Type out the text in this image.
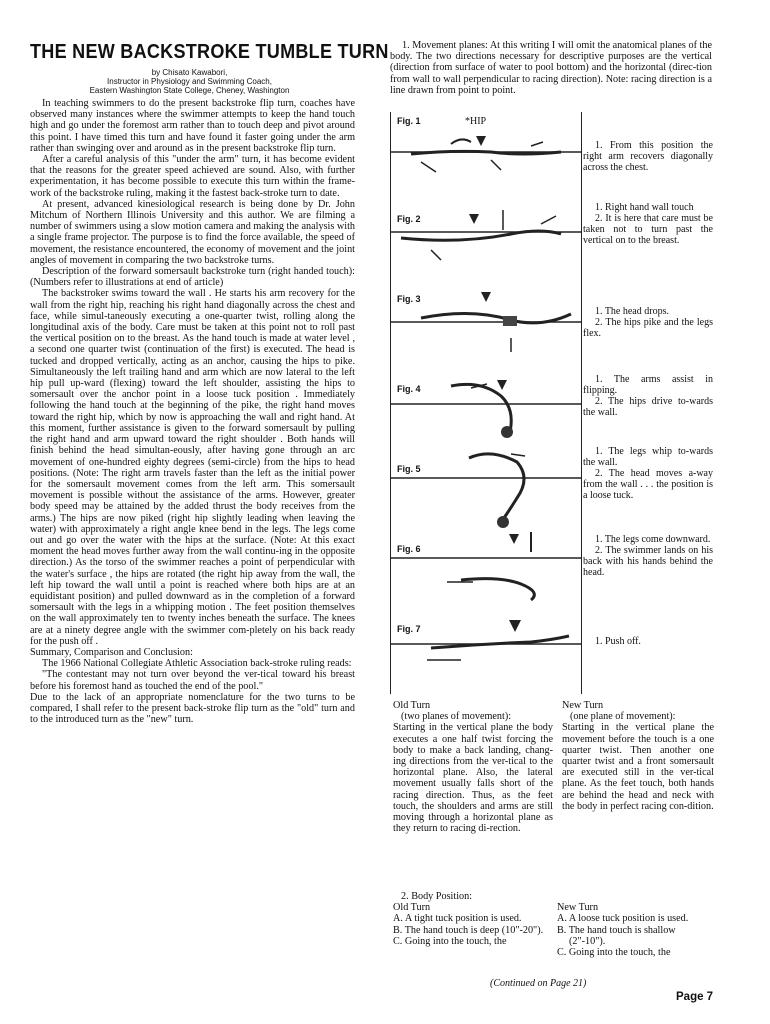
THE NEW BACKSTROKE TUMBLE TURN
by Chisato Kawabori,
Instructor in Physiology and Swimming Coach,
Eastern Washington State College, Cheney, Washington

In teaching swimmers to do the present backstroke flip turn, coaches have observed many instances where the swimmer attempts to keep the hand touch high and go under the foremost arm rather than to touch deep and pivot around this point. I have timed this turn and have found it faster going under the arm rather than swinging over and around as in the present backstroke flip turn.

After a careful analysis of this "under the arm" turn, it has become evident that the reasons for the greater speed achieved are sound. Also, with further experimentation, it has become possible to execute this turn within the frame-work of the backstroke ruling, making it the fastest back-stroke turn to date.

At present, advanced kinesiological research is being done by Dr. John Mitchum of Northern Illinois University and this author. We are filming a number of swimmers using a slow motion camera and making the analysis with a single frame projector. The purpose is to find the force available, the speed of movement, the resistance encountered, the economy of movement and the joint angles of movement in comparing the two backstroke turns.

Description of the forward somersault backstroke turn (right handed touch): (Numbers refer to illustrations at end of article)

The backstroker swims toward the wall . He starts his arm recovery for the wall from the right hip, reaching his right hand diagonally across the chest and face, while simul-taneously executing a one-quarter twist, rolling along the longitudinal axis of the body. Care must be taken at this point not to roll past the vertical position on to the breast. As the hand touch is made at water level , a second one quarter twist (continuation of the first) is executed. The head is tucked and dropped vertically, acting as an anchor, causing the hips to pike. Simultaneously the left trailing hand and arm which are now lateral to the left hip pull up-ward (flexing) toward the left shoulder, assisting the hips to somersault over the anchor point in a loose tuck position . Immediately following the hand touch at the beginning of the pike, the right hand moves toward the right hip, which by now is approaching the wall and right hand. At this moment, further assistance is given to the forward somersault by pulling the right hand and arm upward toward the right shoulder . Both hands will finish behind the head simultan-eously, after having gone through an arc movement of one-hundred eighty degrees (semi-circle) from the hips to head positions. (Note: The right arm travels faster than the left as the initial power for the somersault movement comes from the left arm. This somersault movement is possible without the assistance of the arms. However, greater body speed may be attained by the added thrust the body receives from the arms.) The hips are now piked (right hip slightly leading when leaving the water) with approximately a right angle knee bend in the legs. The legs come out and go over the water with the hips at the surface. (Note: At this exact moment the head moves further away from the wall continu-ing in the opposite direction.) As the torso of the swimmer reaches a point of perpendicular with the water's surface , the hips are rotated (the right hip away from the wall, the left hip toward the wall until a point is reached where both hips are at an equidistant position) and pulled downward as in the completion of a forward somersault with the legs in a whipping motion . The feet position themselves on the wall approximately ten to twenty inches beneath the surface. The knees are at a ninety degree angle with the swimmer com-pletely on his back ready for the push off .

Summary, Comparison and Conclusion:

The 1966 National Collegiate Athletic Association back-stroke ruling reads:

"The contestant may not turn over beyond the ver-tical toward his breast before his foremost hand as touched the end of the pool."

Due to the lack of an appropriate nomenclature for the two turns to be compared, I shall refer to the present back-stroke flip turn as the "old" turn and to the introduced turn as the "new" turn.

1. Movement planes: At this writing I will omit the anatomical planes of the body. The two directions necessary for descriptive purposes are the vertical (direction from surface of water to pool bottom) and the horizontal (direc-tion from wall to wall perpendicular to racing direction). Note: racing direction is a line drawn from point to point.

Fig. 1	*HIP
Fig. 2
Fig. 3
Fig. 4
Fig. 5
Fig. 6
Fig. 7

1. From this position the right arm recovers diagonally across the chest.

1. Right hand wall touch

2. It is here that care must be taken not to turn past the vertical on to the breast.

1. The head drops.

2. The hips pike and the legs flex.

1. The arms assist in flipping.

2. The hips drive to-wards the wall.

1. The legs whip to-wards the wall.

2. The head moves a-way from the wall . . . the position is a loose tuck.

1. The legs come downward.

2. The swimmer lands on his back with his hands behind the head.

1. Push off.

Old Turn

(two planes of movement):

Starting in the vertical plane the body executes a one half twist forcing the body to make a back landing, chang-ing directions from the ver-tical to the horizontal plane. Also, the lateral movement usually falls short of the racing direction. Thus, as the feet touch, the shoulders and arms are still moving through a horizontal plane as they return to racing di-rection.

New Turn

(one plane of movement):

Starting in the vertical plane the movement before the touch is a one quarter twist. Then another one quarter twist and a front somersault are executed still in the ver-tical plane. As the feet touch, both hands are behind the head and neck with the body in perfect racing con-dition.

2. Body Position:
Old Turn
A. A tight tuck position is used.
B. The hand touch is deep (10"-20").
C. Going into the touch, the
New Turn
A. A loose tuck position is used.
B. The hand touch is shallow (2"-10").
C. Going into the touch, the
(Continued on Page 21)
Page 7
